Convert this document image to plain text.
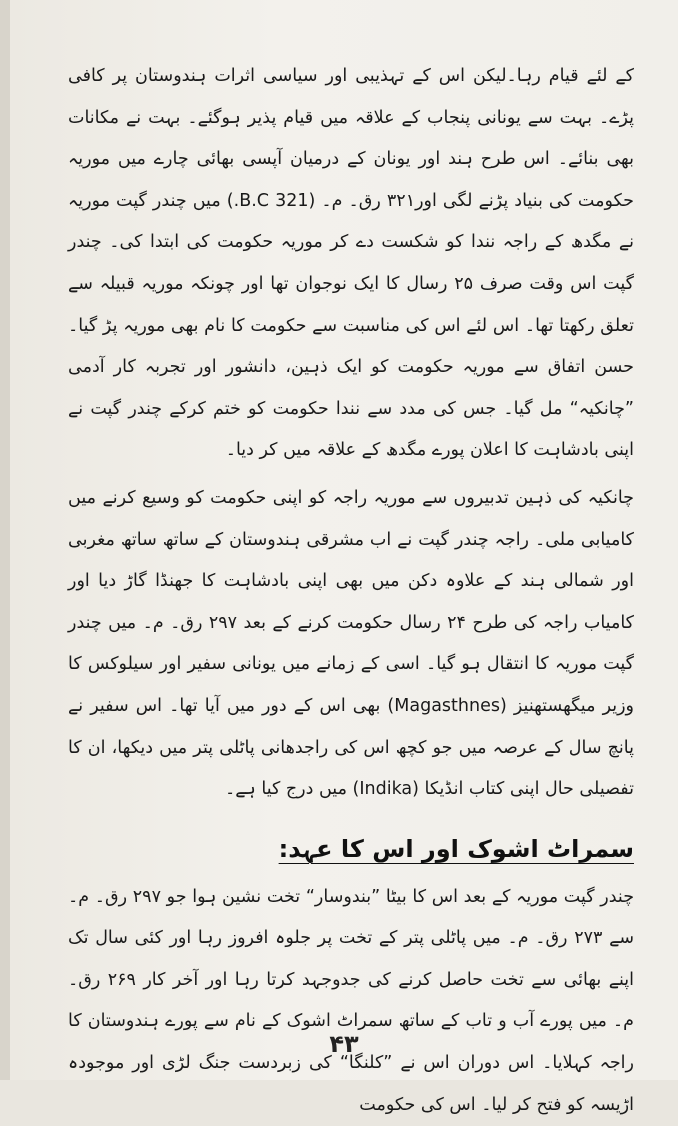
کے لئے قیام رہا۔لیکن اس کے تہذیبی اور سیاسی اثرات ہندوستان پر کافی پڑے۔ بہت سے یونانی پنجاب کے علاقہ میں قیام پذیر ہوگئے۔ بہت نے مکانات بھی بنائے۔ اس طرح ہند اور یونان کے درمیان آپسی بھائی چارے میں موریہ حکومت کی بنیاد پڑنے لگی اور۳۲۱ رق۔ م۔ (321 B.C.) میں چندر گپت موریہ نے مگدھ کے راجہ نندا کو شکست دے کر موریہ حکومت کی ابتدا کی۔ چندر گپت اس وقت صرف ۲۵ رسال کا ایک نوجوان تھا اور چونکہ موریہ قبیلہ سے تعلق رکھتا تھا۔ اس لئے اس کی مناسبت سے حکومت کا نام بھی موریہ پڑ گیا۔ حسن اتفاق سے موریہ حکومت کو ایک ذہین، دانشور اور تجربہ کار آدمی ”چانکیہ“ مل گیا۔ جس کی مدد سے نندا حکومت کو ختم کرکے چندر گپت نے اپنی بادشاہت کا اعلان پورے مگدھ کے علاقہ میں کر دیا۔

چانکیہ کی ذہین تدبیروں سے موریہ راجہ کو اپنی حکومت کو وسیع کرنے میں کامیابی ملی۔ راجہ چندر گپت نے اب مشرقی ہندوستان کے ساتھ ساتھ مغربی اور شمالی ہند کے علاوہ دکن میں بھی اپنی بادشاہت کا جھنڈا گاڑ دیا اور کامیاب راجہ کی طرح ۲۴ رسال حکومت کرنے کے بعد ۲۹۷ رق۔ م۔ میں چندر گپت موریہ کا انتقال ہو گیا۔ اسی کے زمانے میں یونانی سفیر اور سیلوکس کا وزیر میگھستھنیز (Magasthnes) بھی اس کے دور میں آیا تھا۔ اس سفیر نے پانچ سال کے عرصہ میں جو کچھ اس کی راجدھانی پاٹلی پتر میں دیکھا، ان کا تفصیلی حال اپنی کتاب انڈیکا (Indika) میں درج کیا ہے۔

سمراٹ اشوک اور اس کا عہد:

چندر گپت موریہ کے بعد اس کا بیٹا ”بندوسار“ تخت نشین ہوا جو ۲۹۷ رق۔ م۔ سے ۲۷۳ رق۔ م۔ میں پاٹلی پتر کے تخت پر جلوہ افروز رہا اور کئی سال تک اپنے بھائی سے تخت حاصل کرنے کی جدوجہد کرتا رہا اور آخر کار ۲۶۹ رق۔ م۔ میں پورے آب و تاب کے ساتھ سمراٹ اشوک کے نام سے پورے ہندوستان کا راجہ کہلایا۔ اس دوران اس نے ”کلنگا“ کی زبردست جنگ لڑی اور موجودہ اڑیسہ کو فتح کر لیا۔ اس کی حکومت

۴۳
